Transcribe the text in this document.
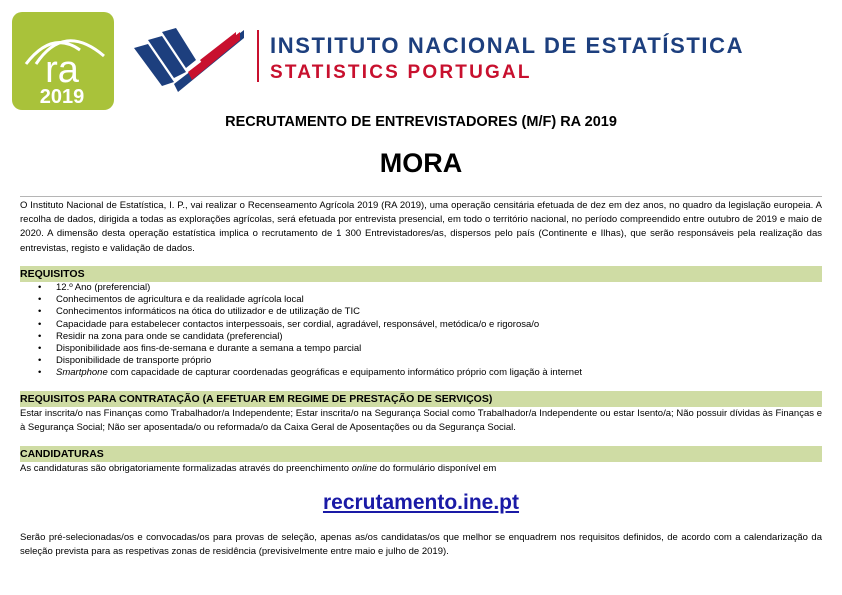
ra
2019
INSTITUTO NACIONAL DE ESTATÍSTICA
STATISTICS PORTUGAL
RECRUTAMENTO DE ENTREVISTADORES (M/F) RA 2019
MORA

O Instituto Nacional de Estatística, I. P., vai realizar o Recenseamento Agrícola 2019 (RA 2019), uma operação censitária efetuada de dez em dez anos, no quadro da legislação europeia. A recolha de dados, dirigida a todas as explorações agrícolas, será efetuada por entrevista presencial, em todo o território nacional, no período compreendido entre outubro de 2019 e maio de 2020. A dimensão desta operação estatística implica o recrutamento de 1 300 Entrevistadores/as, dispersos pelo país (Continente e Ilhas), que serão responsáveis pela realização das entrevistas, registo e validação de dados.

REQUISITOS
• 12.º Ano (preferencial)
• Conhecimentos de agricultura e da realidade agrícola local
• Conhecimentos informáticos na ótica do utilizador e de utilização de TIC
• Capacidade para estabelecer contactos interpessoais, ser cordial, agradável, responsável, metódica/o e rigorosa/o
• Residir na zona para onde se candidata (preferencial)
• Disponibilidade aos fins-de-semana e durante a semana a tempo parcial
• Disponibilidade de transporte próprio
• Smartphone com capacidade de capturar coordenadas geográficas e equipamento informático próprio com ligação à internet
REQUISITOS PARA CONTRATAÇÃO (A EFETUAR EM REGIME DE PRESTAÇÃO DE SERVIÇOS)

Estar inscrita/o nas Finanças como Trabalhador/a Independente; Estar inscrita/o na Segurança Social como Trabalhador/a Independente ou estar Isento/a; Não possuir dívidas às Finanças e à Segurança Social; Não ser aposentada/o ou reformada/o da Caixa Geral de Aposentações ou da Segurança Social.

CANDIDATURAS

As candidaturas são obrigatoriamente formalizadas através do preenchimento online do formulário disponível em

recrutamento.ine.pt

Serão pré-selecionadas/os e convocadas/os para provas de seleção, apenas as/os candidatas/os que melhor se enquadrem nos requisitos definidos, de acordo com a calendarização da seleção prevista para as respetivas zonas de residência (previsivelmente entre maio e julho de 2019).
